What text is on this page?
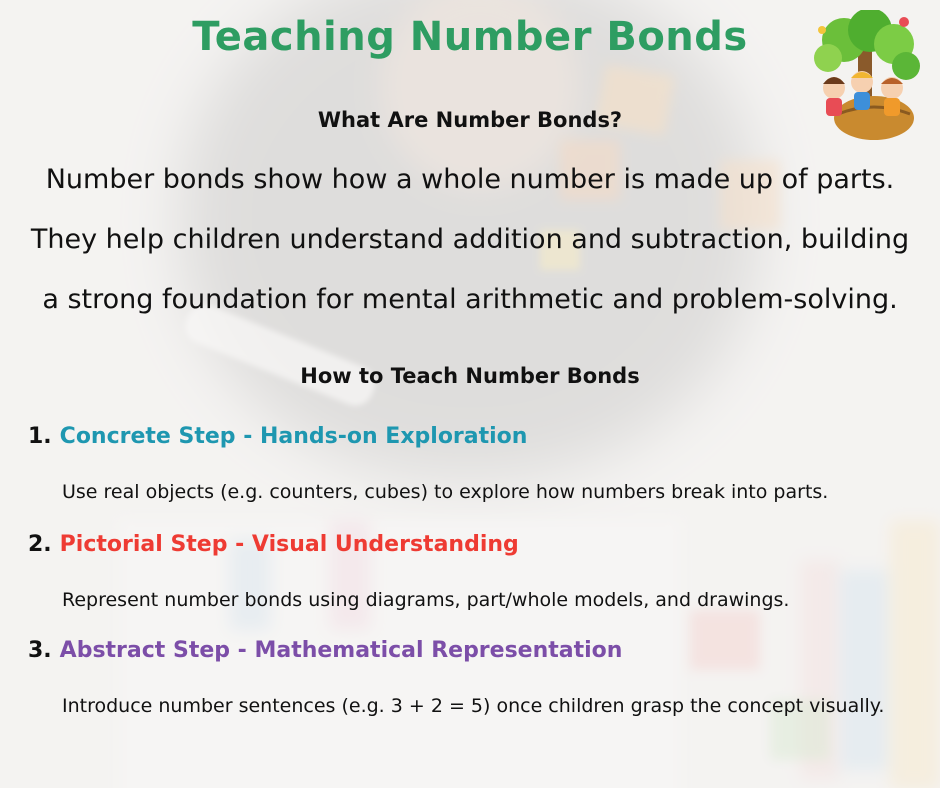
Teaching Number Bonds
What Are Number Bonds?
Number bonds show how a whole number is made up of parts.
They help children understand addition and subtraction, building
a strong foundation for mental arithmetic and problem-solving.
How to Teach Number Bonds
1. Concrete Step - Hands-on Exploration
Use real objects (e.g. counters, cubes) to explore how numbers break into parts.
2. Pictorial Step - Visual Understanding
Represent number bonds using diagrams, part/whole models, and drawings.
3. Abstract Step - Mathematical Representation
Introduce number sentences (e.g. 3 + 2 = 5) once children grasp the concept visually.
